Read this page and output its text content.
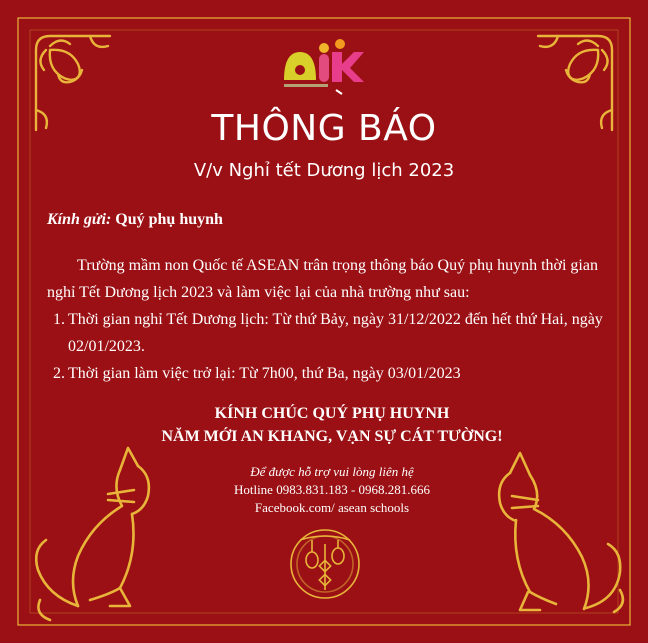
THÔNG BÁO
V/v Nghỉ tết Dương lịch 2023
Kính gửi: Quý phụ huynh
Trường mầm non Quốc tế ASEAN trân trọng thông báo Quý phụ huynh thời gian nghỉ Tết Dương lịch 2023 và làm việc lại của nhà trường như sau:
1. Thời gian nghỉ Tết Dương lịch: Từ thứ Bảy, ngày 31/12/2022 đến hết thứ Hai, ngày 02/01/2023.
2. Thời gian làm việc trở lại: Từ 7h00, thứ Ba, ngày 03/01/2023
KÍNH CHÚC QUÝ PHỤ HUYNH
NĂM MỚI AN KHANG, VẠN SỰ CÁT TƯỜNG!
Để được hỗ trợ vui lòng liên hệ
Hotline 0983.831.183 - 0968.281.666
Facebook.com/ asean schools
